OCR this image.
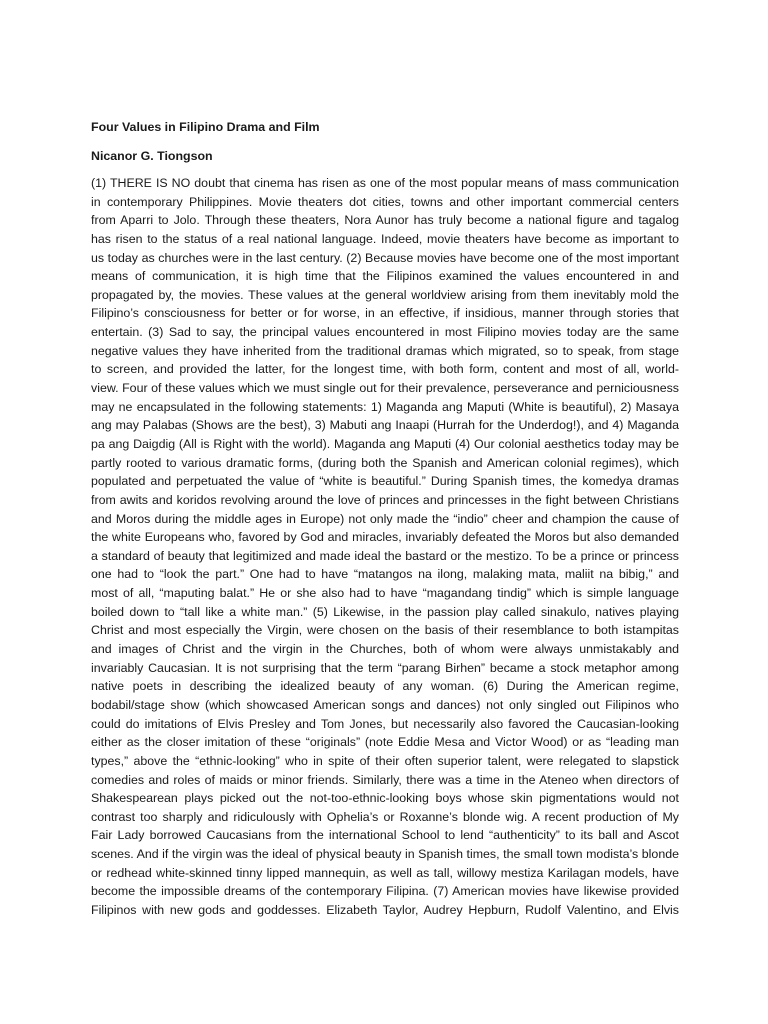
Four Values in Filipino Drama and Film
Nicanor G. Tiongson
(1) THERE IS NO doubt that cinema has risen as one of the most popular means of mass communication
in contemporary Philippines. Movie theaters dot cities, towns and other important commercial centers
from Aparri to Jolo. Through these theaters, Nora Aunor has truly become a national figure and tagalog
has risen to the status of a real national language. Indeed, movie theaters have become as important to
us today as churches were in the last century. (2) Because movies have become one of the most important
means of communication, it is high time that the Filipinos examined the values encountered in and
propagated by, the movies. These values at the general worldview arising from them inevitably mold the
Filipino’s consciousness for better or for worse, in an effective, if insidious, manner through stories that
entertain. (3) Sad to say, the principal values encountered in most Filipino movies today are the same
negative values they have inherited from the traditional dramas which migrated, so to speak, from stage
to screen, and provided the latter, for the longest time, with both form, content and most of all, world-
view. Four of these values which we must single out for their prevalence, perseverance and perniciousness
may ne encapsulated in the following statements: 1) Maganda ang Maputi (White is beautiful), 2) Masaya
ang may Palabas (Shows are the best), 3) Mabuti ang Inaapi (Hurrah for the Underdog!), and 4) Maganda
pa ang Daigdig (All is Right with the world). Maganda ang Maputi (4) Our colonial aesthetics today may be
partly rooted to various dramatic forms, (during both the Spanish and American colonial regimes), which
populated and perpetuated the value of “white is beautiful.” During Spanish times, the komedya dramas
from awits and koridos revolving around the love of princes and princesses in the fight between Christians
and Moros during the middle ages in Europe) not only made the “indio” cheer and champion the cause of
the white Europeans who, favored by God and miracles, invariably defeated the Moros but also demanded
a standard of beauty that legitimized and made ideal the bastard or the mestizo. To be a prince or princess
one had to “look the part.” One had to have “matangos na ilong, malaking mata, maliit na bibig,” and
most of all, “maputing balat.” He or she also had to have “magandang tindig” which is simple language
boiled down to “tall like a white man.” (5) Likewise, in the passion play called sinakulo, natives playing
Christ and most especially the Virgin, were chosen on the basis of their resemblance to both istampitas
and images of Christ and the virgin in the Churches, both of whom were always unmistakably and
invariably Caucasian. It is not surprising that the term “parang Birhen” became a stock metaphor among
native poets in describing the idealized beauty of any woman. (6) During the American regime,
bodabil/stage show (which showcased American songs and dances) not only singled out Filipinos who
could do imitations of Elvis Presley and Tom Jones, but necessarily also favored the Caucasian-looking
either as the closer imitation of these “originals” (note Eddie Mesa and Victor Wood) or as “leading man
types,” above the “ethnic-looking” who in spite of their often superior talent, were relegated to slapstick
comedies and roles of maids or minor friends. Similarly, there was a time in the Ateneo when directors of
Shakespearean plays picked out the not-too-ethnic-looking boys whose skin pigmentations would not
contrast too sharply and ridiculously with Ophelia’s or Roxanne’s blonde wig. A recent production of My
Fair Lady borrowed Caucasians from the international School to lend “authenticity” to its ball and Ascot
scenes. And if the virgin was the ideal of physical beauty in Spanish times, the small town modista’s blonde
or redhead white-skinned tinny lipped mannequin, as well as tall, willowy mestiza Karilagan models, have
become the impossible dreams of the contemporary Filipina. (7) American movies have likewise provided
Filipinos with new gods and goddesses. Elizabeth Taylor, Audrey Hepburn, Rudolf Valentino, and Elvis
